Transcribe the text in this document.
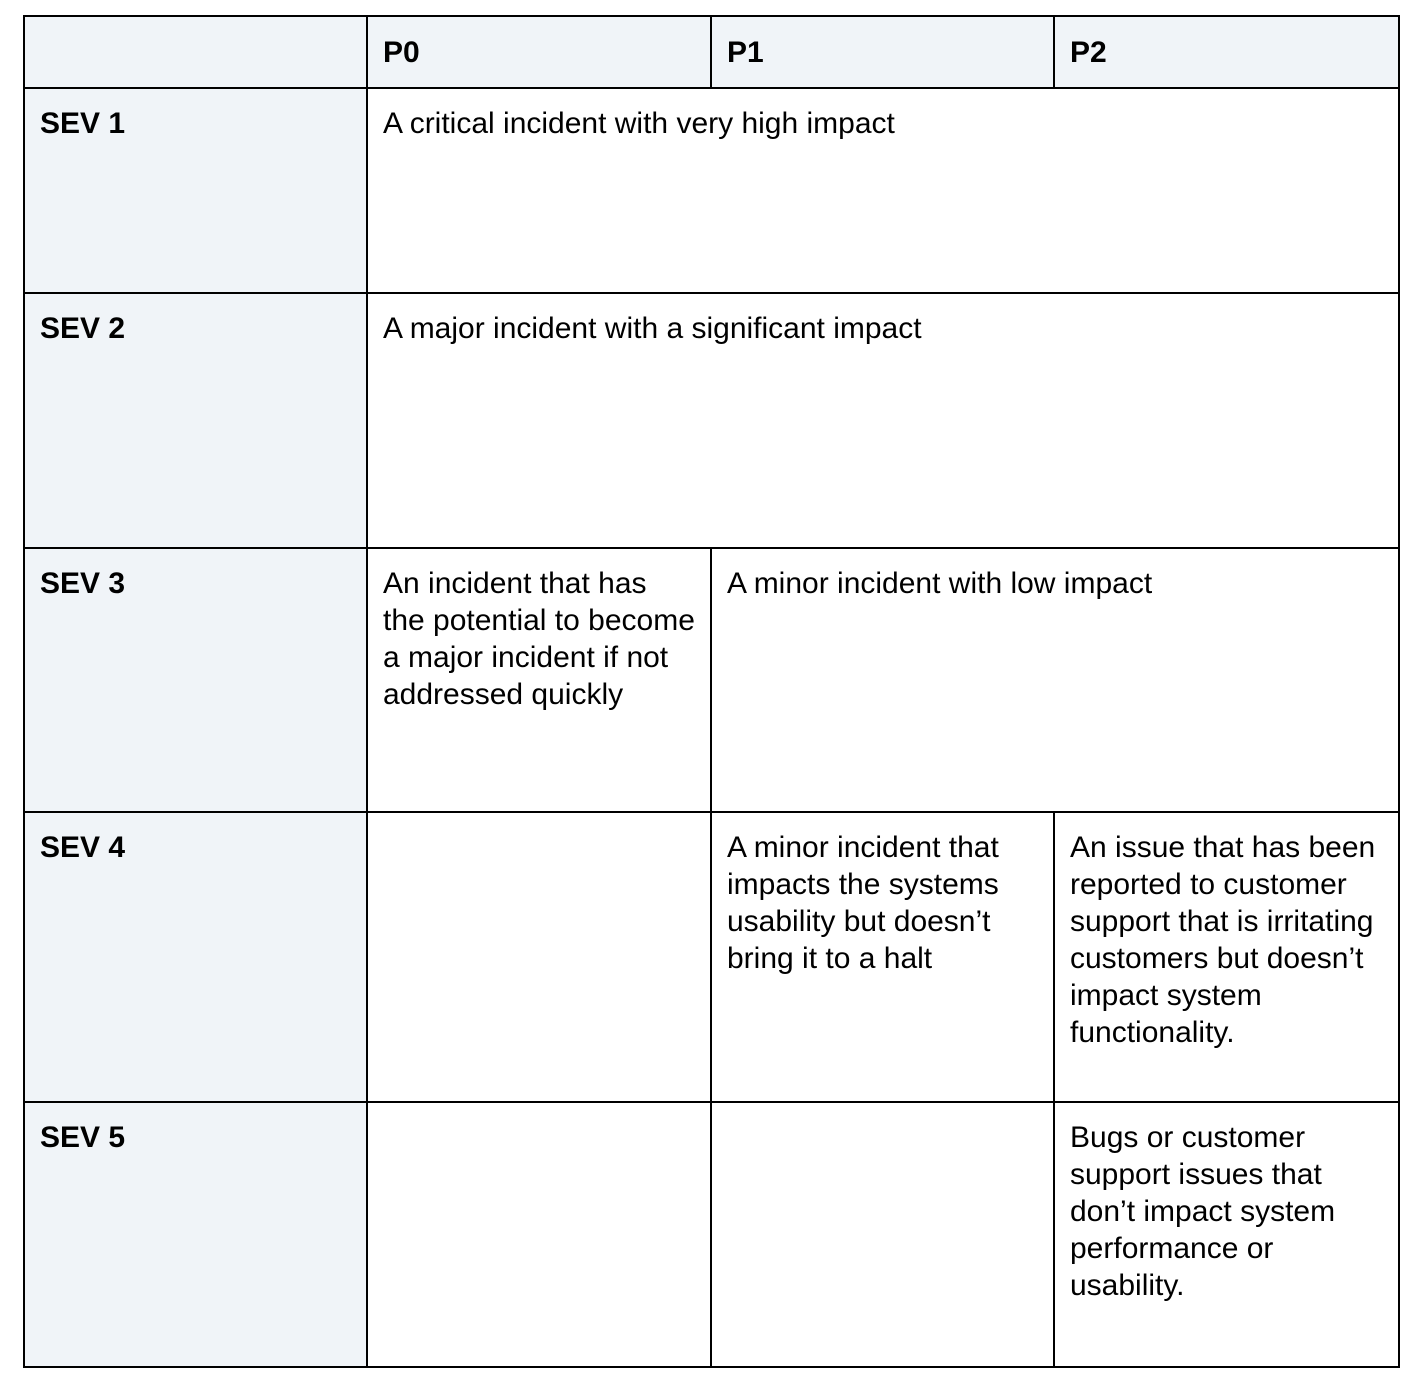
	P0	P1	P2
SEV 1	A critical incident with very high impact		
SEV 2	A major incident with a significant impact		
SEV 3	An incident that has the potential to become a major incident if not addressed quickly	A minor incident with low impact	
SEV 4		A minor incident that impacts the systems usability but doesn’t bring it to a halt	An issue that has been reported to customer support that is irritating customers but doesn’t impact system functionality.
SEV 5			Bugs or customer support issues that don’t impact system performance or usability.
